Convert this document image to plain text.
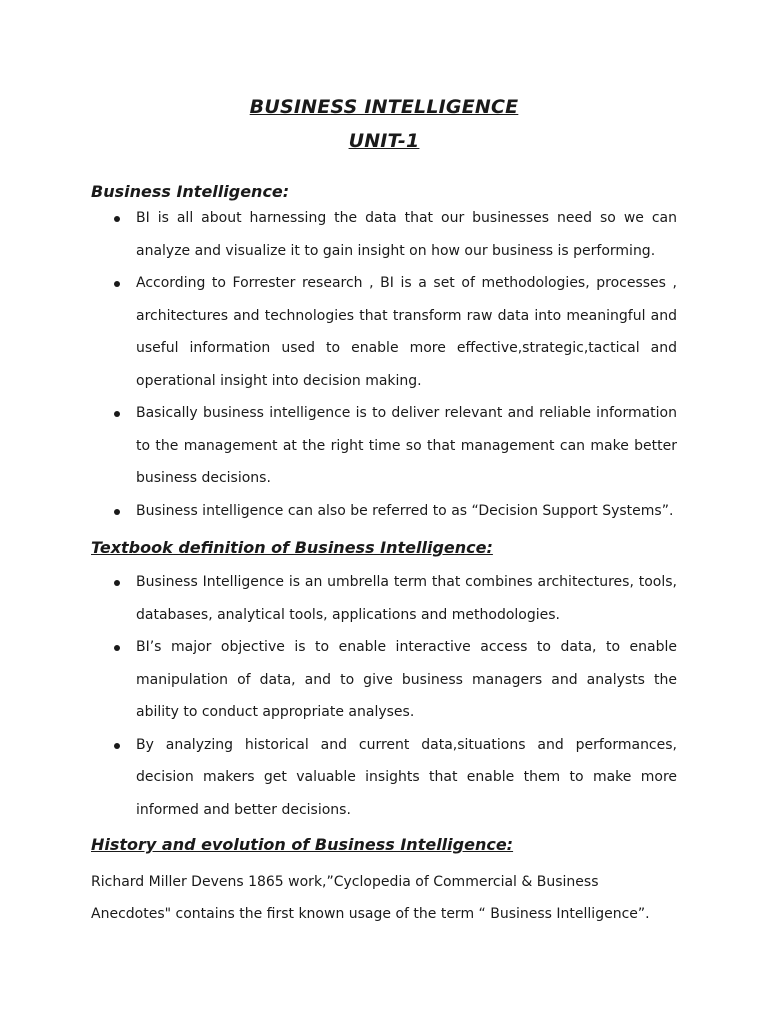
BUSINESS INTELLIGENCE
UNIT-1
Business Intelligence:
BI is all about harnessing the data that our businesses need so we can analyze and visualize it to gain insight on how our business is performing.
According to Forrester research , BI is a set of methodologies, processes , architectures and technologies that transform raw data into meaningful and useful information used to enable more effective,strategic,tactical and operational insight into decision making.
Basically business intelligence is to deliver relevant and reliable information to the management at the right time so that management can make better business decisions.
Business intelligence can also be referred to as “Decision Support Systems”.
Textbook definition of Business Intelligence:
Business Intelligence is an umbrella term that combines architectures, tools, databases, analytical tools, applications and methodologies.
BI’s major objective is to enable interactive access to data, to enable manipulation of data, and to give business managers and analysts the ability to conduct appropriate analyses.
By analyzing historical and current data,situations and performances, decision makers get valuable insights that enable them to make more informed and better decisions.
History and evolution of Business Intelligence:
Richard Miller Devens 1865 work,”Cyclopedia of Commercial & Business Anecdotes" contains the first known usage of the term “ Business Intelligence”.
